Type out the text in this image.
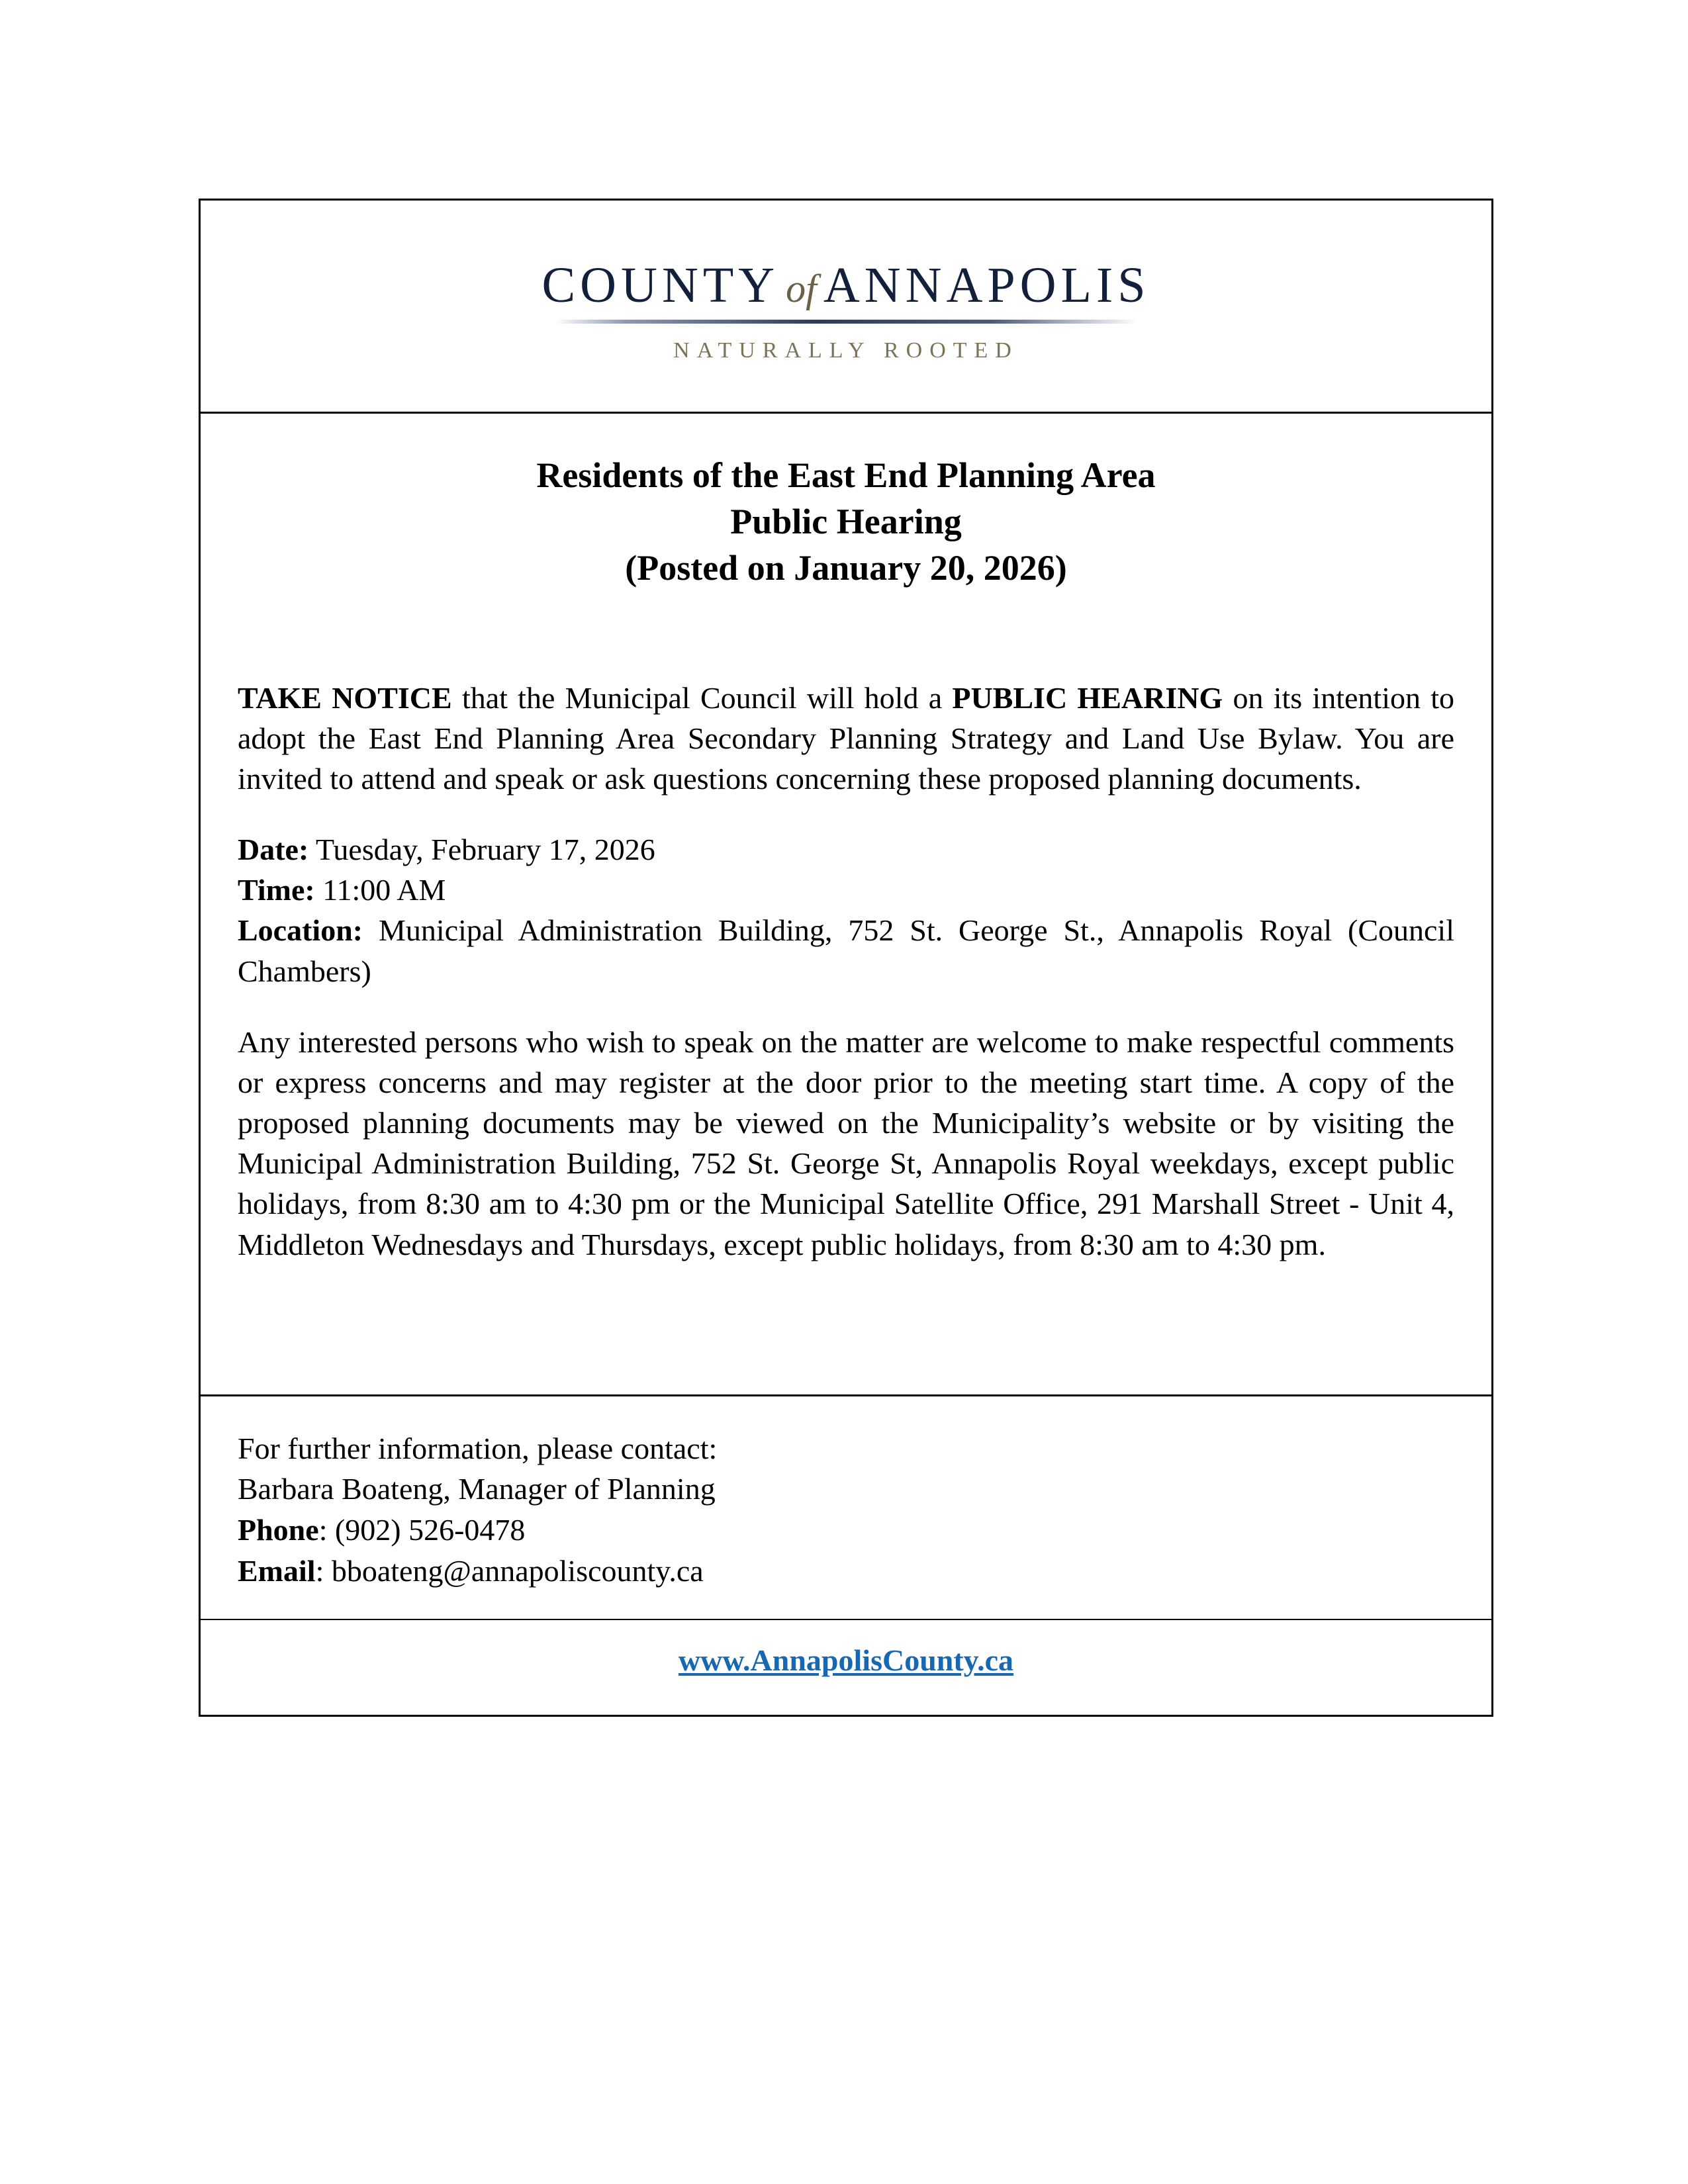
COUNTY of ANNAPOLIS
NATURALLY ROOTED
Residents of the East End Planning Area
Public Hearing
(Posted on January 20, 2026)

TAKE NOTICE that the Municipal Council will hold a PUBLIC HEARING on its intention to adopt the East End Planning Area Secondary Planning Strategy and Land Use Bylaw. You are invited to attend and speak or ask questions concerning these proposed planning documents.

Date: Tuesday, February 17, 2026
Time: 11:00 AM
Location: Municipal Administration Building, 752 St. George St., Annapolis Royal (Council Chambers)

Any interested persons who wish to speak on the matter are welcome to make respectful comments or express concerns and may register at the door prior to the meeting start time. A copy of the proposed planning documents may be viewed on the Municipality’s website or by visiting the Municipal Administration Building, 752 St. George St, Annapolis Royal weekdays, except public holidays, from 8:30 am to 4:30 pm or the Municipal Satellite Office, 291 Marshall Street - Unit 4, Middleton Wednesdays and Thursdays, except public holidays, from 8:30 am to 4:30 pm.

For further information, please contact:
Barbara Boateng, Manager of Planning
Phone: (902) 526-0478
Email: bboateng@annapoliscounty.ca
www.AnnapolisCounty.ca
